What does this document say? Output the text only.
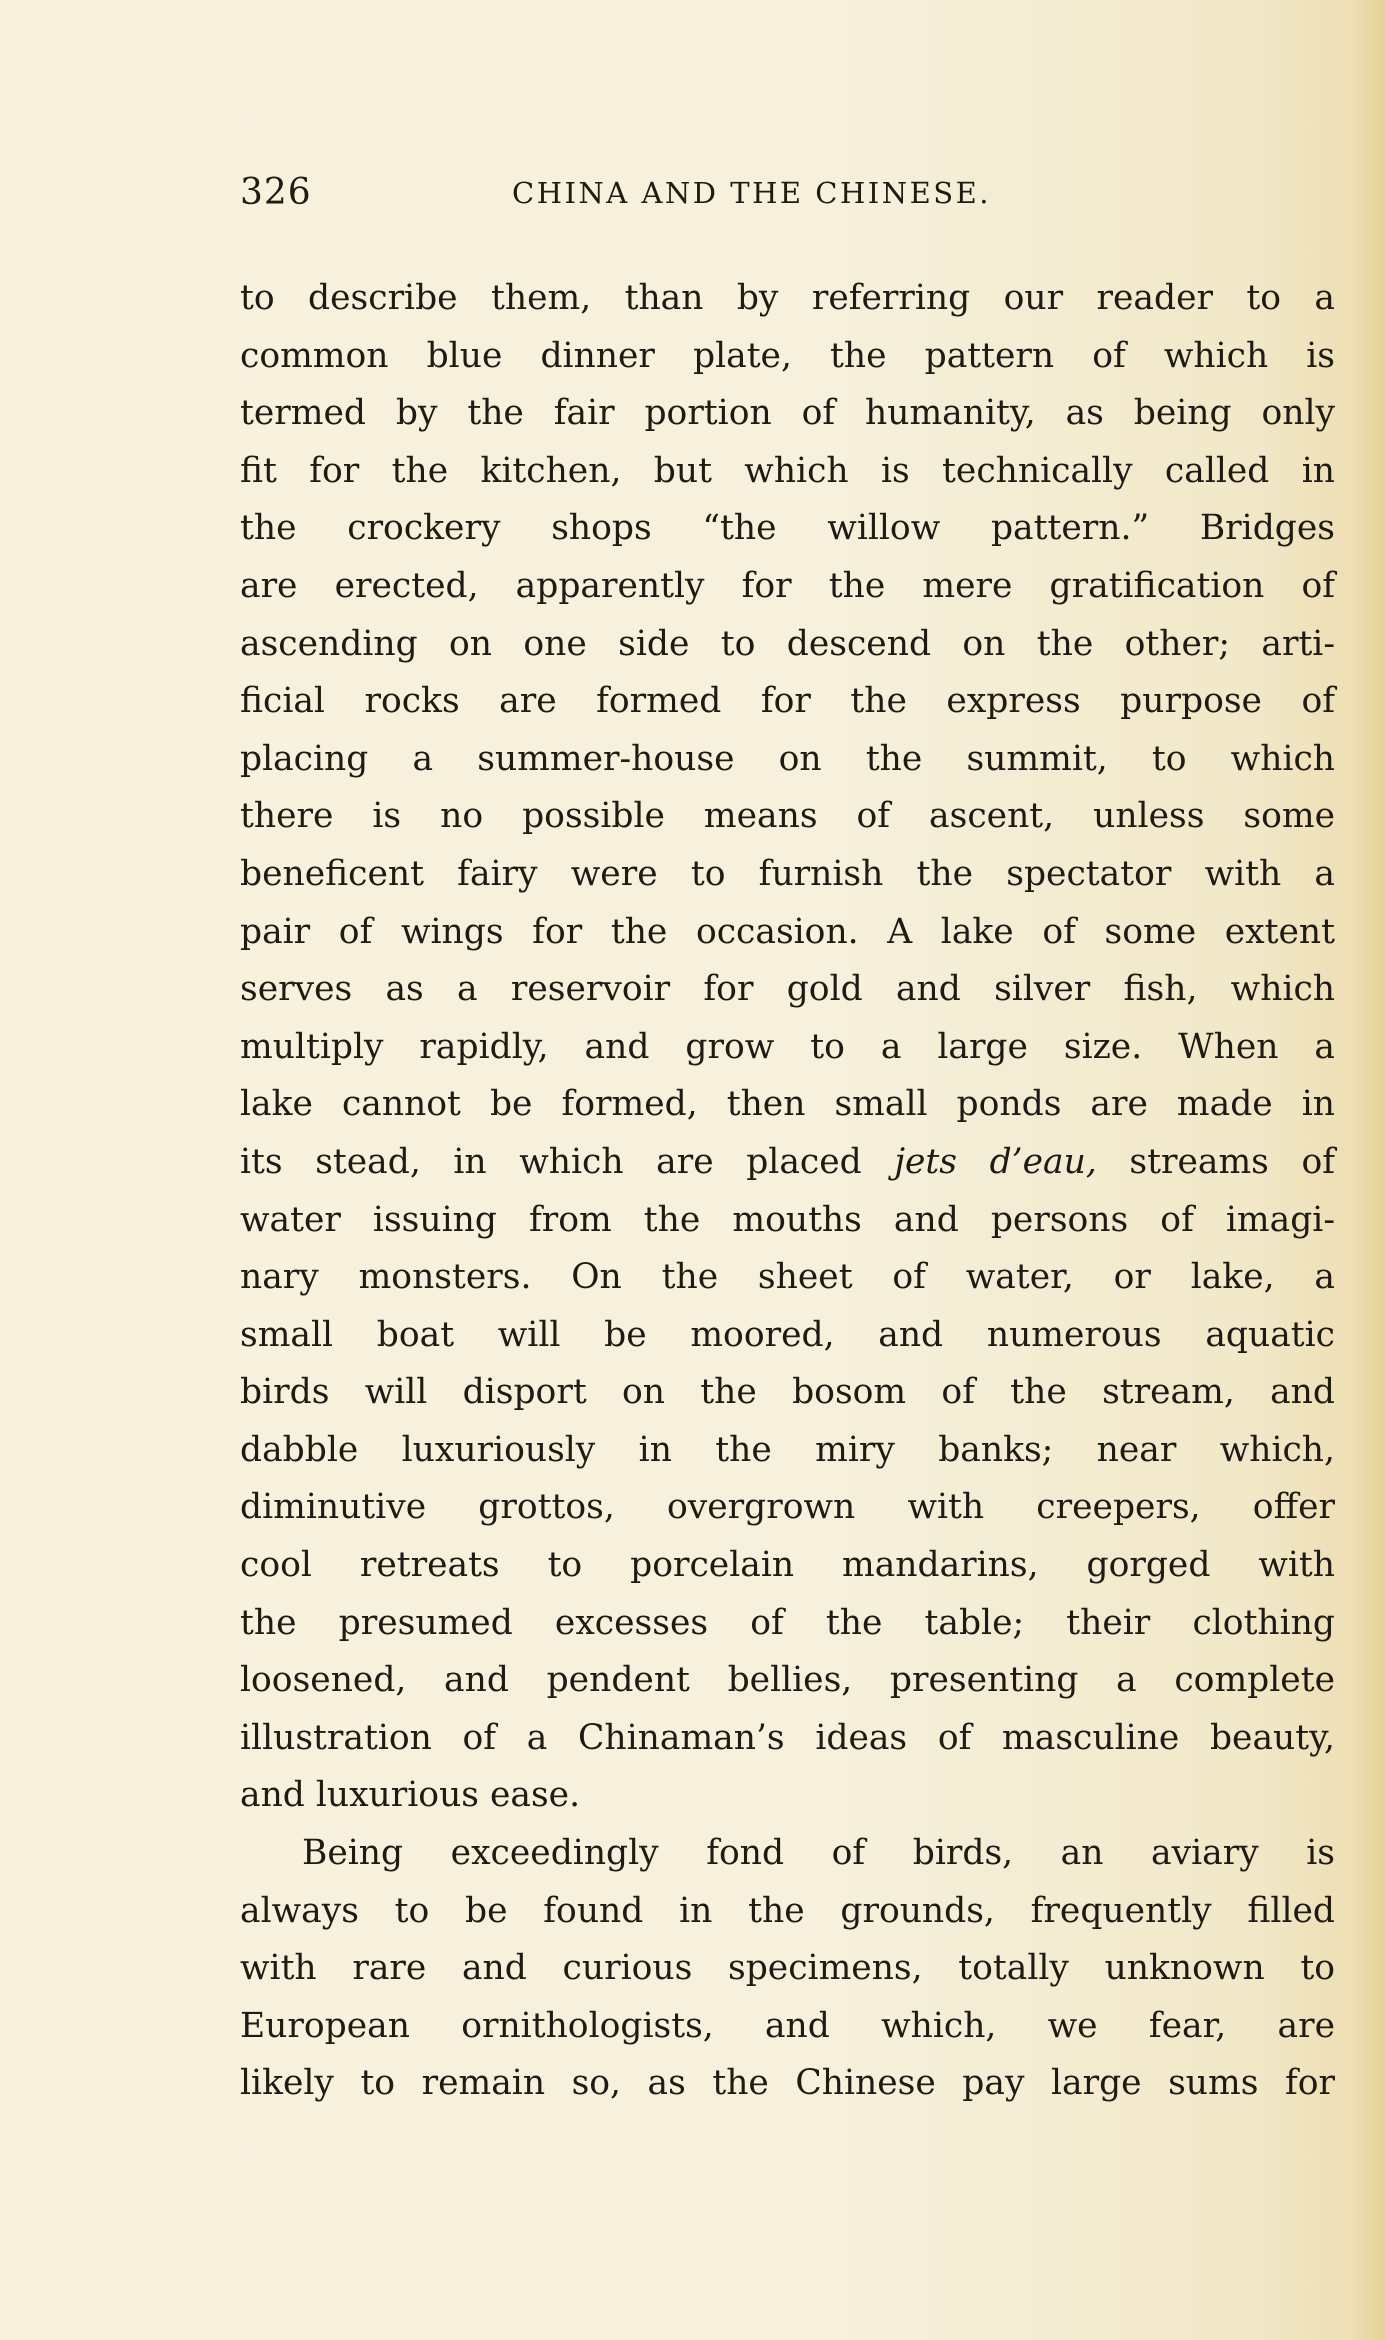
326	CHINA AND THE CHINESE.
to describe them, than by referring our reader to a
common blue dinner plate, the pattern of which is
termed by the fair portion of humanity, as being only
fit for the kitchen, but which is technically called in
the crockery shops “the willow pattern.” Bridges
are erected, apparently for the mere gratification of
ascending on one side to descend on the other; arti-
ficial rocks are formed for the express purpose of
placing a summer-house on the summit, to which
there is no possible means of ascent, unless some
beneficent fairy were to furnish the spectator with a
pair of wings for the occasion. A lake of some extent
serves as a reservoir for gold and silver fish, which
multiply rapidly, and grow to a large size. When a
lake cannot be formed, then small ponds are made in
its stead, in which are placed jets d’eau, streams of
water issuing from the mouths and persons of imagi-
nary monsters. On the sheet of water, or lake, a
small boat will be moored, and numerous aquatic
birds will disport on the bosom of the stream, and
dabble luxuriously in the miry banks; near which,
diminutive grottos, overgrown with creepers, offer
cool retreats to porcelain mandarins, gorged with
the presumed excesses of the table; their clothing
loosened, and pendent bellies, presenting a complete
illustration of a Chinaman’s ideas of masculine beauty,
and luxurious ease.
Being exceedingly fond of birds, an aviary is
always to be found in the grounds, frequently filled
with rare and curious specimens, totally unknown to
European ornithologists, and which, we fear, are
likely to remain so, as the Chinese pay large sums for
